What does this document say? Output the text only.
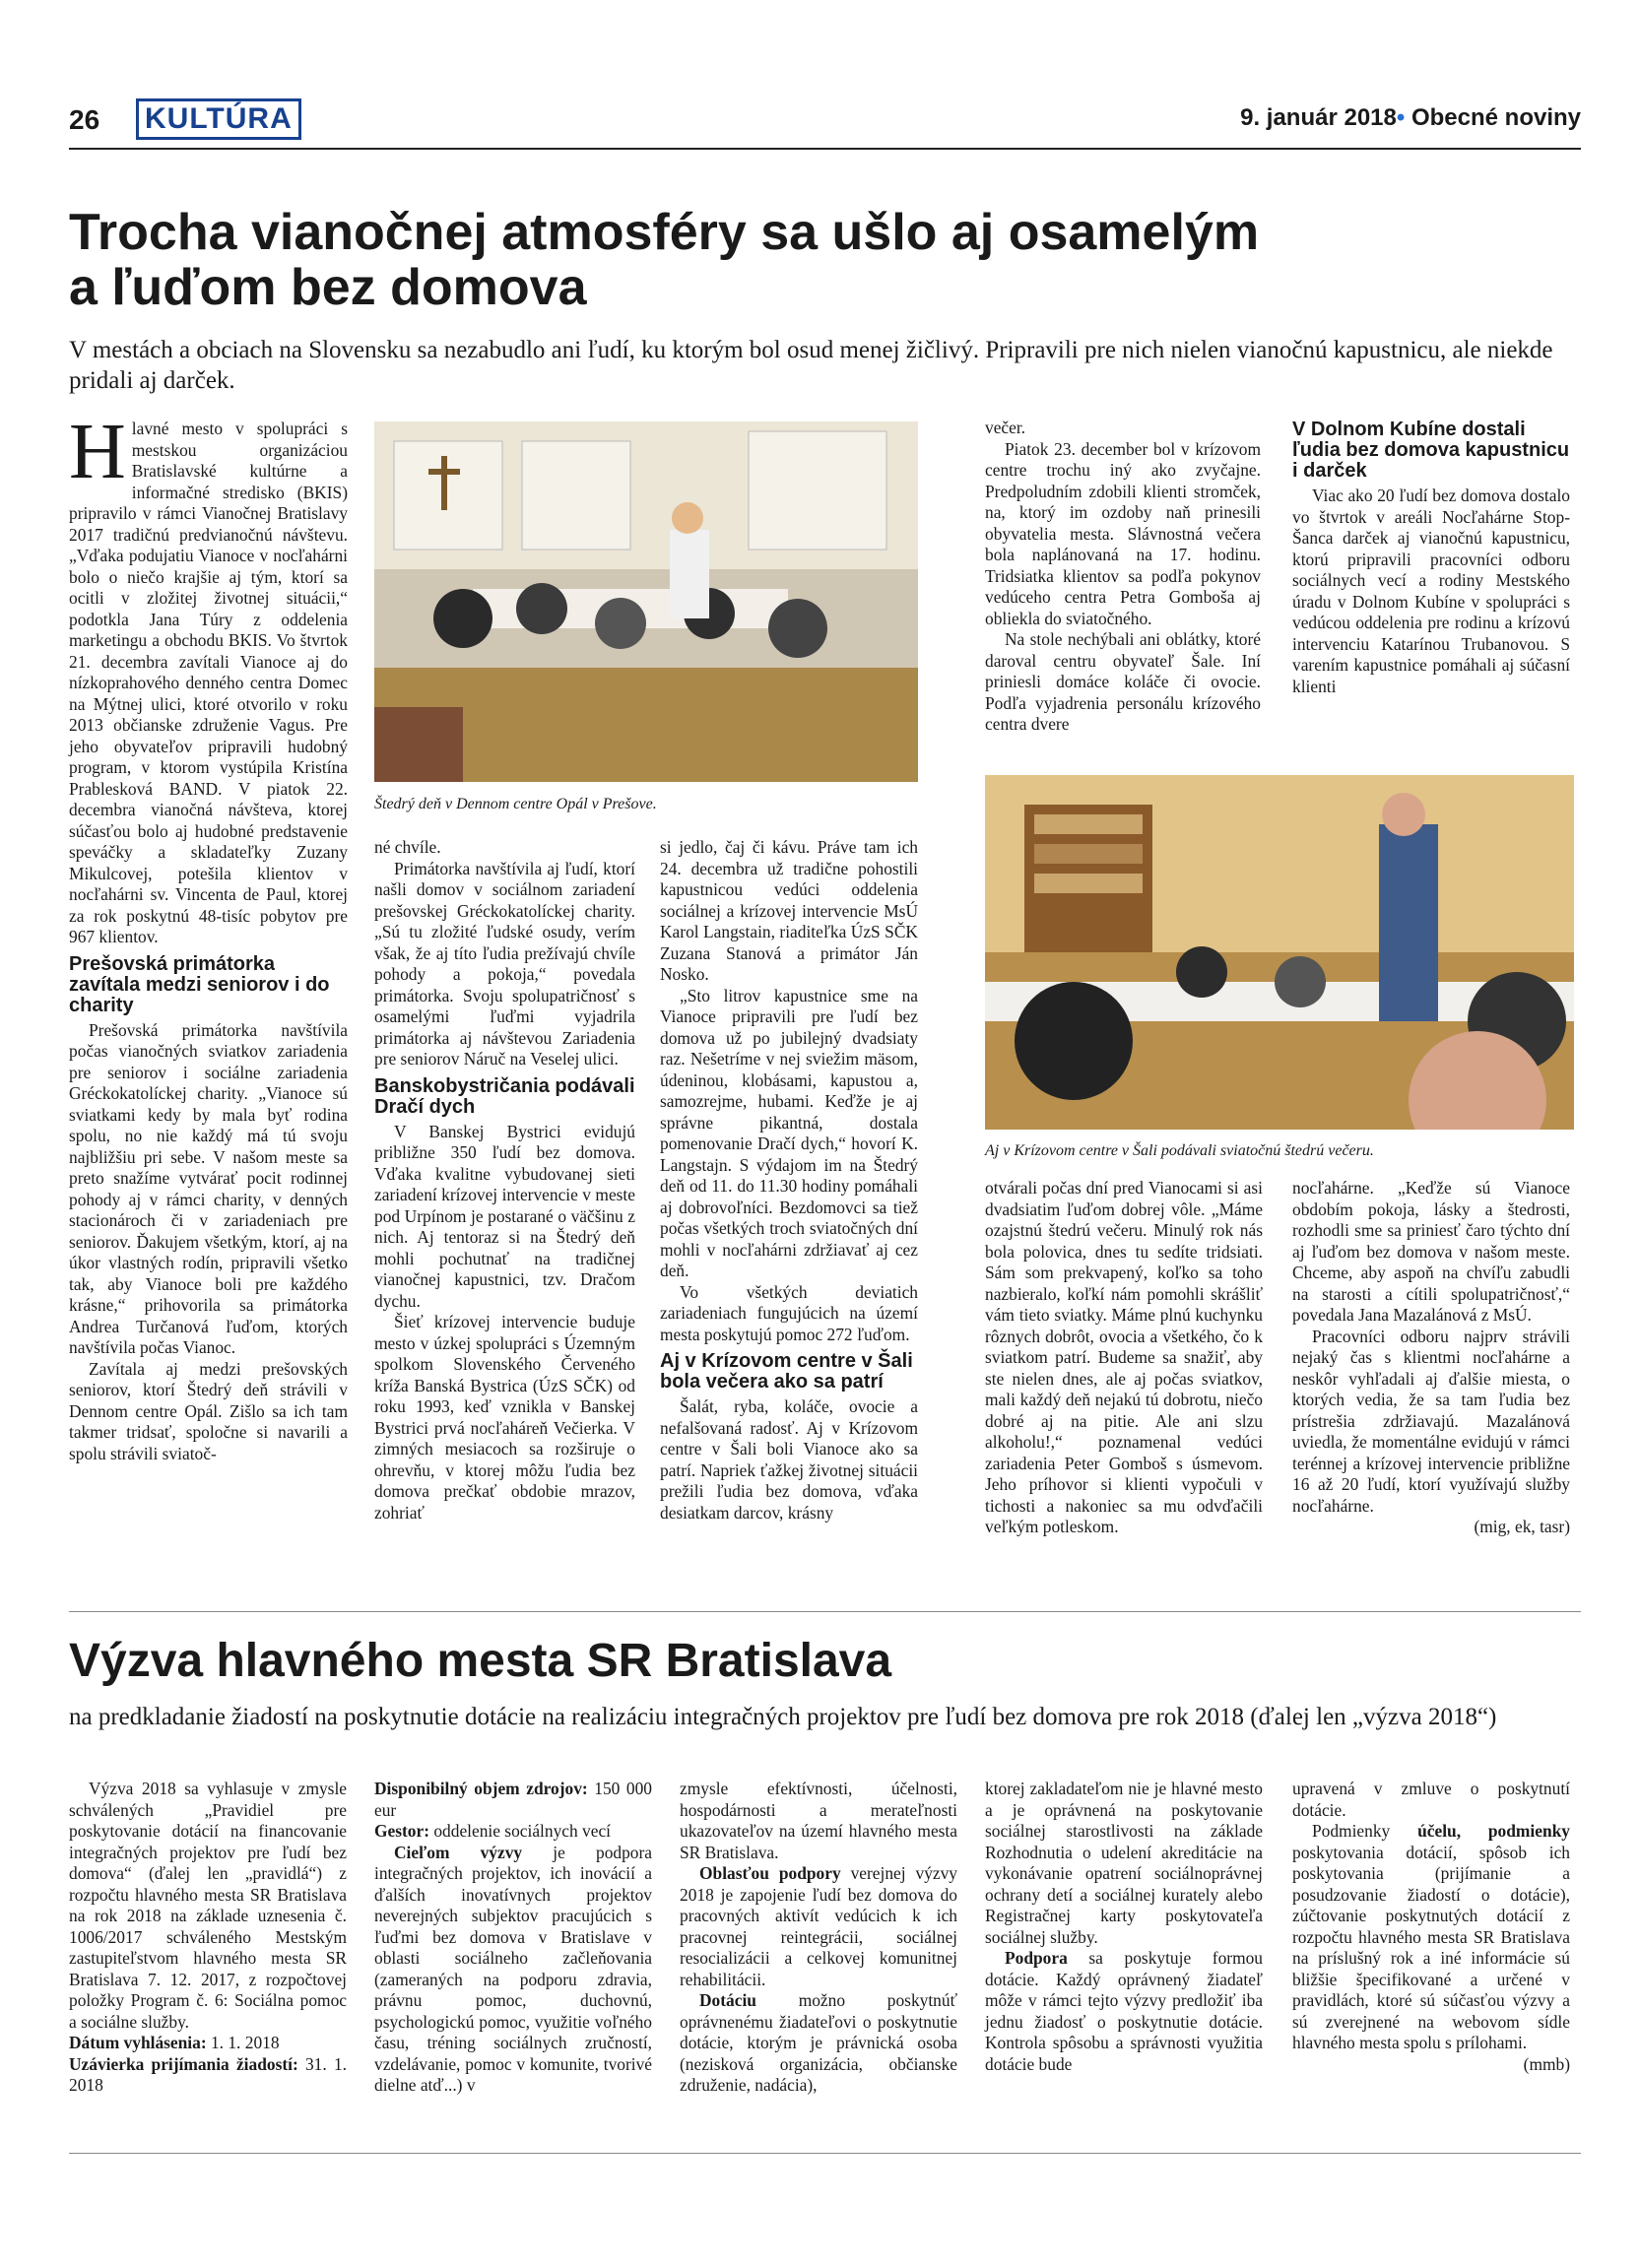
26	KULTÚRA	9. január 2018• Obecné noviny
Trocha vianočnej atmosféry sa ušlo aj osamelým
a ľuďom bez domova
V mestách a obciach na Slovensku sa nezabudlo ani ľudí, ku ktorým bol osud menej žičlivý. Pripravili pre nich nielen vianočnú kapustnicu, ale niekde pridali aj darček.

Hlavné mesto v spolupráci s mestskou organizáciou Bratislavské kultúrne a informačné stredisko (BKIS) pripravilo v rámci Vianočnej Bratislavy 2017 tradičnú predvianočnú návštevu. „Vďaka podujatiu Vianoce v nocľahárni bolo o niečo krajšie aj tým, ktorí sa ocitli v zložitej životnej situácii,“ podotkla Jana Túry z oddelenia marketingu a obchodu BKIS. Vo štvrtok 21. decembra zavítali Vianoce aj do nízkoprahového denného centra Domec na Mýtnej ulici, ktoré otvorilo v roku 2013 občianske združenie Vagus. Pre jeho obyvateľov pripravili hudobný program, v ktorom vystúpila Kristína Prablesková BAND. V piatok 22. decembra vianočná návšteva, ktorej súčasťou bolo aj hudobné predstavenie speváčky a skladateľky Zuzany Mikulcovej, potešila klientov v nocľahárni sv. Vincenta de Paul, ktorej za rok poskytnú 48-tisíc pobytov pre 967 klientov.

Prešovská primátorka zavítala medzi seniorov i do charity

Prešovská primátorka navštívila počas vianočných sviatkov zariadenia pre seniorov i sociálne zariadenia Gréckokatolíckej charity. „Vianoce sú sviatkami kedy by mala byť rodina spolu, no nie každý má tú svoju najbližšiu pri sebe. V našom meste sa preto snažíme vytvárať pocit rodinnej pohody aj v rámci charity, v denných stacionároch či v zariadeniach pre seniorov. Ďakujem všetkým, ktorí, aj na úkor vlastných rodín, pripravili všetko tak, aby Vianoce boli pre každého krásne,“ prihovorila sa primátorka Andrea Turčanová ľuďom, ktorých navštívila počas Vianoc.

Zavítala aj medzi prešovských seniorov, ktorí Štedrý deň strávili v Dennom centre Opál. Zišlo sa ich tam takmer tridsať, spoločne si navarili a spolu strávili sviatoč-

Štedrý deň v Dennom centre Opál v Prešove.

né chvíle.

Primátorka navštívila aj ľudí, ktorí našli domov v sociálnom zariadení prešovskej Gréckokatolíckej charity. „Sú tu zložité ľudské osudy, verím však, že aj títo ľudia prežívajú chvíle pohody a pokoja,“ povedala primátorka. Svoju spolupatričnosť s osamelými ľuďmi vyjadrila primátorka aj návštevou Zariadenia pre seniorov Náruč na Veselej ulici.

Banskobystričania podávali Dračí dych

V Banskej Bystrici evidujú približne 350 ľudí bez domova. Vďaka kvalitne vybudovanej sieti zariadení krízovej intervencie v meste pod Urpínom je postarané o väčšinu z nich. Aj tentoraz si na Štedrý deň mohli pochutnať na tradičnej vianočnej kapustnici, tzv. Dračom dychu.

Šieť krízovej intervencie buduje mesto v úzkej spolupráci s Územným spolkom Slovenského Červeného kríža Banská Bystrica (ÚzS SČK) od roku 1993, keď vznikla v Banskej Bystrici prvá nocľaháreň Večierka. V zimných mesiacoch sa rozširuje o ohrevňu, v ktorej môžu ľudia bez domova prečkať obdobie mrazov, zohriať

si jedlo, čaj či kávu. Práve tam ich 24. decembra už tradične pohostili kapustnicou vedúci oddelenia sociálnej a krízovej intervencie MsÚ Karol Langstain, riaditeľka ÚzS SČK Zuzana Stanová a primátor Ján Nosko.

„Sto litrov kapustnice sme na Vianoce pripravili pre ľudí bez domova už po jubilejný dvadsiaty raz. Nešetríme v nej sviežim mäsom, údeninou, klobásami, kapustou a, samozrejme, hubami. Keďže je aj správne pikantná, dostala pomenovanie Dračí dych,“ hovorí K. Langstajn. S výdajom im na Štedrý deň od 11. do 11.30 hodiny pomáhali aj dobrovoľníci. Bezdomovci sa tiež počas všetkých troch sviatočných dní mohli v nocľahárni zdržiavať aj cez deň.

Vo všetkých deviatich zariadeniach fungujúcich na území mesta poskytujú pomoc 272 ľuďom.

Aj v Krízovom centre v Šali bola večera ako sa patrí

Šalát, ryba, koláče, ovocie a nefalšovaná radosť. Aj v Krízovom centre v Šali boli Vianoce ako sa patrí. Napriek ťažkej životnej situácii prežili ľudia bez domova, vďaka desiatkam darcov, krásny

večer.

Piatok 23. december bol v krízovom centre trochu iný ako zvyčajne. Predpoludním zdobili klienti stromček, na, ktorý im ozdoby naň prinesili obyvatelia mesta. Slávnostná večera bola naplánovaná na 17. hodinu. Tridsiatka klientov sa podľa pokynov vedúceho centra Petra Gomboša aj obliekla do sviatočného.

Na stole nechýbali ani oblátky, ktoré daroval centru obyvateľ Šale. Iní priniesli domáce koláče či ovocie. Podľa vyjadrenia personálu krízového centra dvere

V Dolnom Kubíne dostali ľudia bez domova kapustnicu i darček

Viac ako 20 ľudí bez domova dostalo vo štvrtok v areáli Nocľahárne Stop-Šanca darček aj vianočnú kapustnicu, ktorú pripravili pracovníci odboru sociálnych vecí a rodiny Mestského úradu v Dolnom Kubíne v spolupráci s vedúcou oddelenia pre rodinu a krízovú intervenciu Katarínou Trubanovou. S varením kapustnice pomáhali aj súčasní klienti

Aj v Krízovom centre v Šali podávali sviatočnú štedrú večeru.

otvárali počas dní pred Vianocami si asi dvadsiatim ľuďom dobrej vôle. „Máme ozajstnú štedrú večeru. Minulý rok nás bola polovica, dnes tu sedíte tridsiati. Sám som prekvapený, koľko sa toho nazbieralo, koľkí nám pomohli skrášliť vám tieto sviatky. Máme plnú kuchynku rôznych dobrôt, ovocia a všetkého, čo k sviatkom patrí. Budeme sa snažiť, aby ste nielen dnes, ale aj počas sviatkov, mali každý deň nejakú tú dobrotu, niečo dobré aj na pitie. Ale ani slzu alkoholu!,“ poznamenal vedúci zariadenia Peter Gomboš s úsmevom. Jeho príhovor si klienti vypočuli v tichosti a nakoniec sa mu odvďačili veľkým potleskom.

nocľahárne. „Keďže sú Vianoce obdobím pokoja, lásky a štedrosti, rozhodli sme sa priniesť čaro týchto dní aj ľuďom bez domova v našom meste. Chceme, aby aspoň na chvíľu zabudli na starosti a cítili spolupatričnosť,“ povedala Jana Mazalánová z MsÚ.

Pracovníci odboru najprv strávili nejaký čas s klientmi nocľahárne a neskôr vyhľadali aj ďalšie miesta, o ktorých vedia, že sa tam ľudia bez prístrešia zdržiavajú. Mazalánová uviedla, že momentálne evidujú v rámci terénnej a krízovej intervencie približne 16 až 20 ľudí, ktorí využívajú služby nocľahárne.

(mig, ek, tasr)
Výzva hlavného mesta SR Bratislava
na predkladanie žiadostí na poskytnutie dotácie na realizáciu integračných projektov pre ľudí bez domova pre rok 2018 (ďalej len „výzva 2018“)

Výzva 2018 sa vyhlasuje v zmysle schválených „Pravidiel pre poskytovanie dotácií na financovanie integračných projektov pre ľudí bez domova“ (ďalej len „pravidlá“) z rozpočtu hlavného mesta SR Bratislava na rok 2018 na základe uznesenia č. 1006/2017 schváleného Mestským zastupiteľstvom hlavného mesta SR Bratislava 7. 12. 2017, z rozpočtovej položky Program č. 6: Sociálna pomoc a sociálne služby.

Dátum vyhlásenia: 1. 1. 2018
Uzávierka prijímania žiadostí: 31. 1. 2018
Disponibilný objem zdrojov: 150 000 eur
Gestor: oddelenie sociálnych vecí

Cieľom výzvy je podpora integračných projektov, ich inovácií a ďalších inovatívnych projektov neverejných subjektov pracujúcich s ľuďmi bez domova v Bratislave v oblasti sociálneho začleňovania (zameraných na podporu zdravia, právnu pomoc, duchovnú, psychologickú pomoc, využitie voľného času, tréning sociálnych zručností, vzdelávanie, pomoc v komunite, tvorivé dielne atď...) v

zmysle efektívnosti, účelnosti, hospodárnosti a merateľnosti ukazovateľov na území hlavného mesta SR Bratislava.

Oblasťou podpory verejnej výzvy 2018 je zapojenie ľudí bez domova do pracovných aktivít vedúcich k ich pracovnej reintegrácii, sociálnej resocializácii a celkovej komunitnej rehabilitácii.

Dotáciu možno poskytnúť oprávnenému žiadateľovi o poskytnutie dotácie, ktorým je právnická osoba (nezisková organizácia, občianske združenie, nadácia),

ktorej zakladateľom nie je hlavné mesto a je oprávnená na poskytovanie sociálnej starostlivosti na základe Rozhodnutia o udelení akreditácie na vykonávanie opatrení sociálnoprávnej ochrany detí a sociálnej kurately alebo Registračnej karty poskytovateľa sociálnej služby.

Podpora sa poskytuje formou dotácie. Každý oprávnený žiadateľ môže v rámci tejto výzvy predložiť iba jednu žiadosť o poskytnutie dotácie. Kontrola spôsobu a správnosti využitia dotácie bude

upravená v zmluve o poskytnutí dotácie.

Podmienky účelu, podmienky poskytovania dotácií, spôsob ich poskytovania (prijímanie a posudzovanie žiadostí o dotácie), zúčtovanie poskytnutých dotácií z rozpočtu hlavného mesta SR Bratislava na príslušný rok a iné informácie sú bližšie špecifikované a určené v pravidlách, ktoré sú súčasťou výzvy a sú zverejnené na webovom sídle hlavného mesta spolu s prílohami.

(mmb)
